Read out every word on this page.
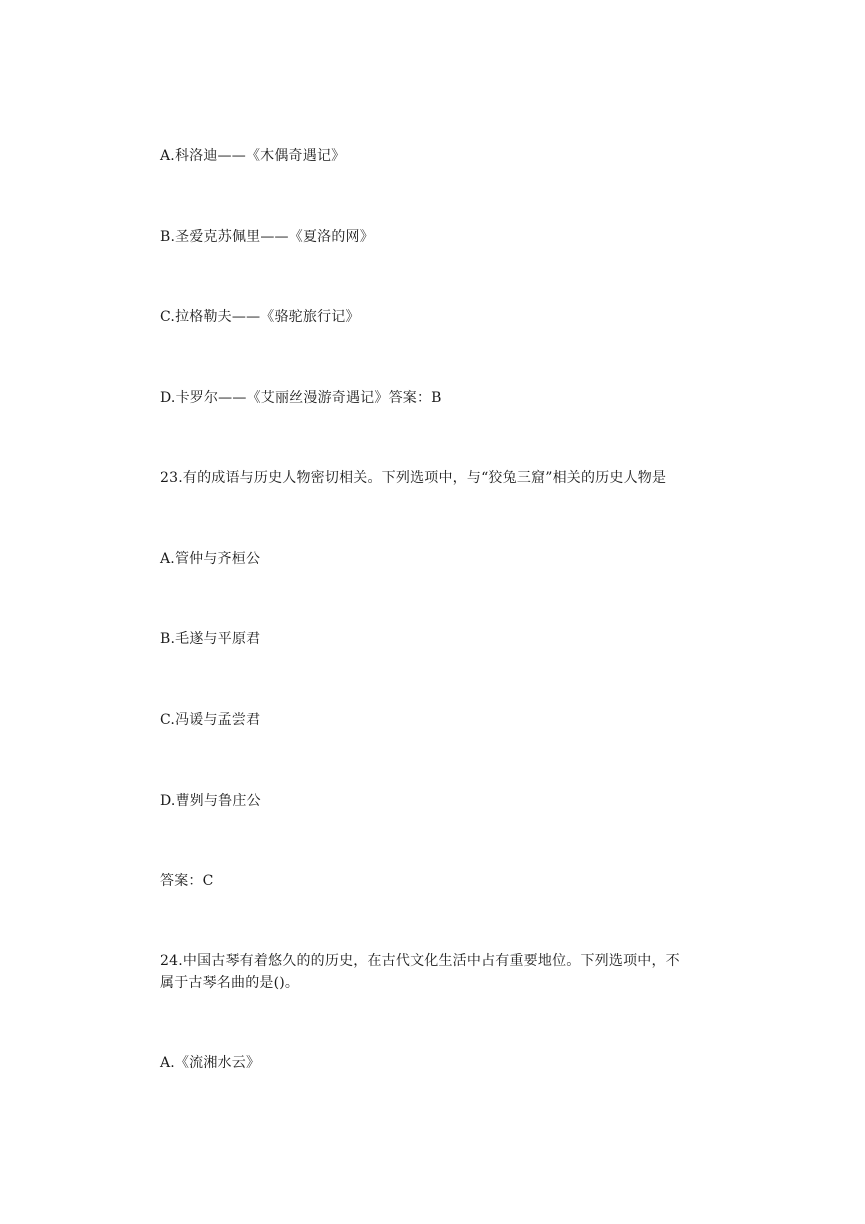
A.科洛迪——《木偶奇遇记》
B.圣爱克苏佩里——《夏洛的网》
C.拉格勒夫——《骆驼旅行记》
D.卡罗尔——《艾丽丝漫游奇遇记》答案：B
23.有的成语与历史人物密切相关。下列选项中，与“狡兔三窟”相关的历史人物是
A.管仲与齐桓公
B.毛遂与平原君
C.冯谖与孟尝君
D.曹刿与鲁庄公
答案：C
24.中国古琴有着悠久的的历史，在古代文化生活中占有重要地位。下列选项中，不
属于古琴名曲的是()。
A.《流湘水云》
